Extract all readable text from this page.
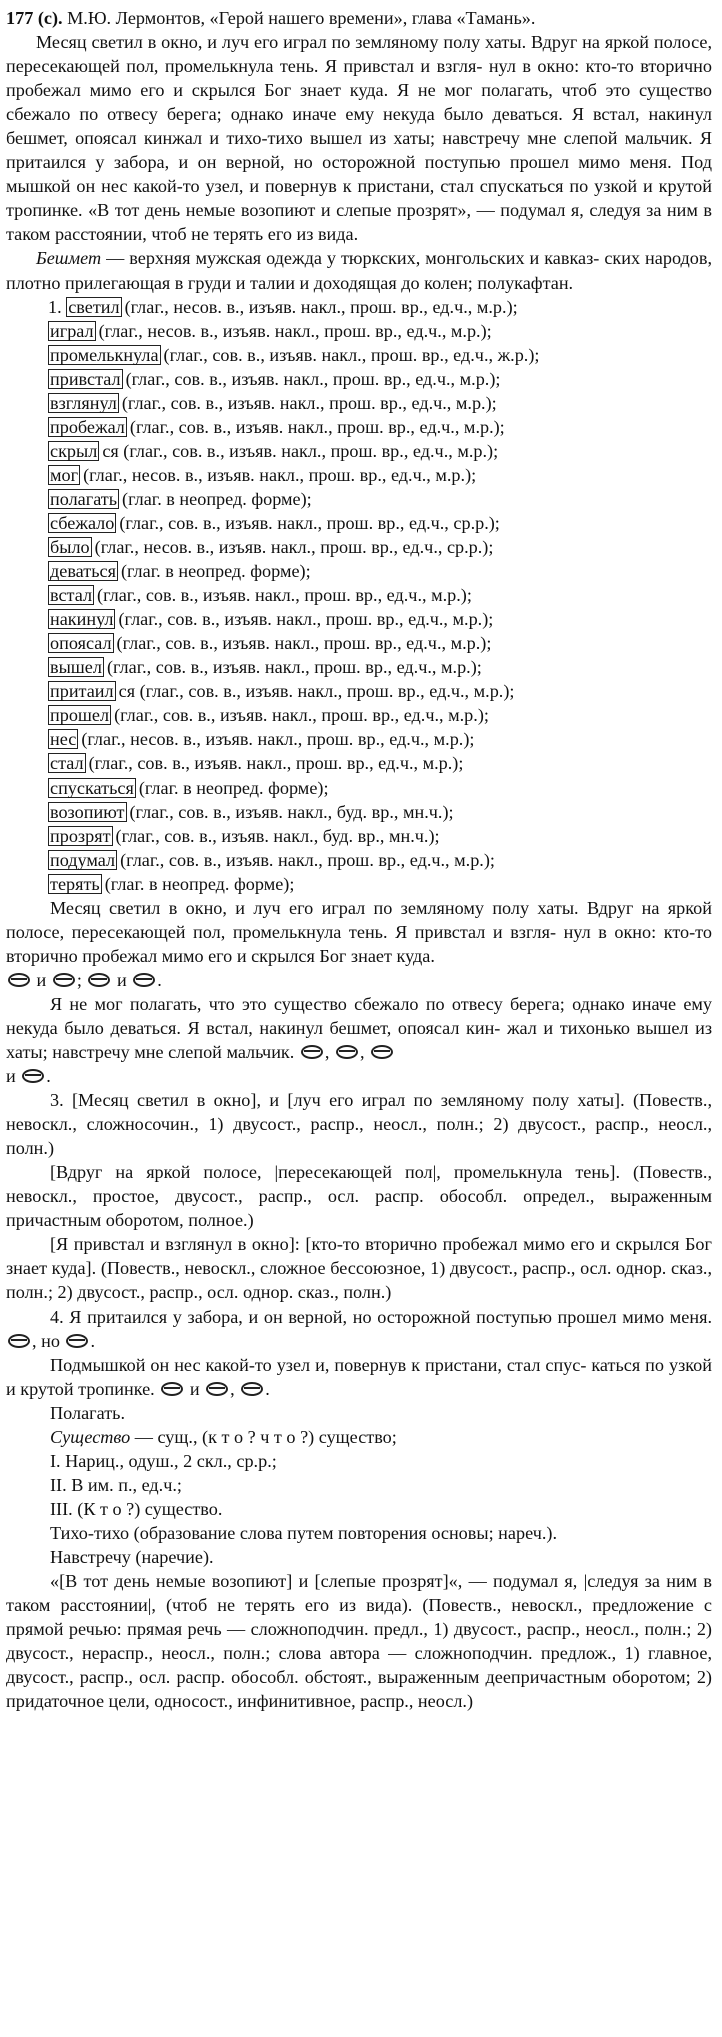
177 (с). М.Ю. Лермонтов, «Герой нашего времени», глава «Тамань».

Месяц светил в окно, и луч его играл по земляному полу хаты. Вдруг на яркой полосе, пересекающей пол, промелькнула тень. Я привстал и взгля- нул в окно: кто-то вторично пробежал мимо его и скрылся Бог знает куда. Я не мог полагать, чтоб это существо сбежало по отвесу берега; однако иначе ему некуда было деваться. Я встал, накинул бешмет, опоясал кинжал и тихо-тихо вышел из хаты; навстречу мне слепой мальчик. Я притаился у забора, и он верной, но осторожной поступью прошел мимо меня. Под мышкой он нес какой-то узел, и повернув к пристани, стал спускаться по узкой и крутой тропинке. «В тот день немые возопиют и слепые прозрят», — подумал я, следуя за ним в таком расстоянии, чтоб не терять его из вида.

Бешмет — верхняя мужская одежда у тюркских, монгольских и кавказ- ских народов, плотно прилегающая в груди и талии и доходящая до колен; полукафтан.

1. светил (глаг., несов. в., изъяв. накл., прош. вр., ед.ч., м.р.);
играл (глаг., несов. в., изъяв. накл., прош. вр., ед.ч., м.р.);
промелькнула (глаг., сов. в., изъяв. накл., прош. вр., ед.ч., ж.р.);
привстал (глаг., сов. в., изъяв. накл., прош. вр., ед.ч., м.р.);
взглянул (глаг., сов. в., изъяв. накл., прош. вр., ед.ч., м.р.);
пробежал (глаг., сов. в., изъяв. накл., прош. вр., ед.ч., м.р.);
скрыл ся (глаг., сов. в., изъяв. накл., прош. вр., ед.ч., м.р.);
мог (глаг., несов. в., изъяв. накл., прош. вр., ед.ч., м.р.);
полагать (глаг. в неопред. форме);
сбежало (глаг., сов. в., изъяв. накл., прош. вр., ед.ч., ср.р.);
было (глаг., несов. в., изъяв. накл., прош. вр., ед.ч., ср.р.);
деваться (глаг. в неопред. форме);
встал (глаг., сов. в., изъяв. накл., прош. вр., ед.ч., м.р.);
накинул (глаг., сов. в., изъяв. накл., прош. вр., ед.ч., м.р.);
опоясал (глаг., сов. в., изъяв. накл., прош. вр., ед.ч., м.р.);
вышел (глаг., сов. в., изъяв. накл., прош. вр., ед.ч., м.р.);
притаил ся (глаг., сов. в., изъяв. накл., прош. вр., ед.ч., м.р.);
прошел (глаг., сов. в., изъяв. накл., прош. вр., ед.ч., м.р.);
нес (глаг., несов. в., изъяв. накл., прош. вр., ед.ч., м.р.);
стал (глаг., сов. в., изъяв. накл., прош. вр., ед.ч., м.р.);
спускаться (глаг. в неопред. форме);
возопиют (глаг., сов. в., изъяв. накл., буд. вр., мн.ч.);
прозрят (глаг., сов. в., изъяв. накл., буд. вр., мн.ч.);
подумал (глаг., сов. в., изъяв. накл., прош. вр., ед.ч., м.р.);
терять (глаг. в неопред. форме);

Месяц светил в окно, и луч его играл по земляному полу хаты. Вдруг на яркой полосе, пересекающей пол, промелькнула тень. Я привстал и взгля- нул в окно: кто-то вторично пробежал мимо его и скрылся Бог знает куда.
и ;  и .

Я не мог полагать, что это существо сбежало по отвесу берега; однако иначе ему некуда было деваться. Я встал, накинул бешмет, опоясал кин- жал и тихонько вышел из хаты; навстречу мне слепой мальчик. , ,
и .

3. [Месяц светил в окно], и [луч его играл по земляному полу хаты]. (Повеств., невоскл., сложносочин., 1) двусост., распр., неосл., полн.; 2) двусост., распр., неосл., полн.)

[Вдруг на яркой полосе, |пересекающей пол|, промелькнула тень]. (Повеств., невоскл., простое, двусост., распр., осл. распр. обособл. определ., выраженным причастным оборотом, полное.)

[Я привстал и взглянул в окно]: [кто-то вторично пробежал мимо его и скрылся Бог знает куда]. (Повеств., невоскл., сложное бессоюзное, 1) двусост., распр., осл. однор. сказ., полн.; 2) двусост., распр., осл. однор. сказ., полн.)

4. Я притаился у забора, и он верной, но осторожной поступью прошел мимо меня. , но .

Подмышкой он нес какой-то узел и, повернув к пристани, стал спус- каться по узкой и крутой тропинке.  и , .

Полагать.

Существо — сущ., (к т о ? ч т о ?) существо;

I. Нариц., одуш., 2 скл., ср.р.;

II. В им. п., ед.ч.;

III. (К т о ?) существо.

Тихо-тихо (образование слова путем повторения основы; нареч.).

Навстречу (наречие).

«[В тот день немые возопиют] и [слепые прозрят]«, — подумал я, |следуя за ним в таком расстоянии|, (чтоб не терять его из вида). (Повеств., невоскл., предложение с прямой речью: прямая речь — сложноподчин. предл., 1) двусост., распр., неосл., полн.; 2) двусост., нераспр., неосл., полн.; слова автора — сложноподчин. предлож., 1) главное, двусост., распр., осл. распр. обособл. обстоят., выраженным деепричастным оборотом; 2) придаточное цели, односост., инфинитивное, распр., неосл.)
